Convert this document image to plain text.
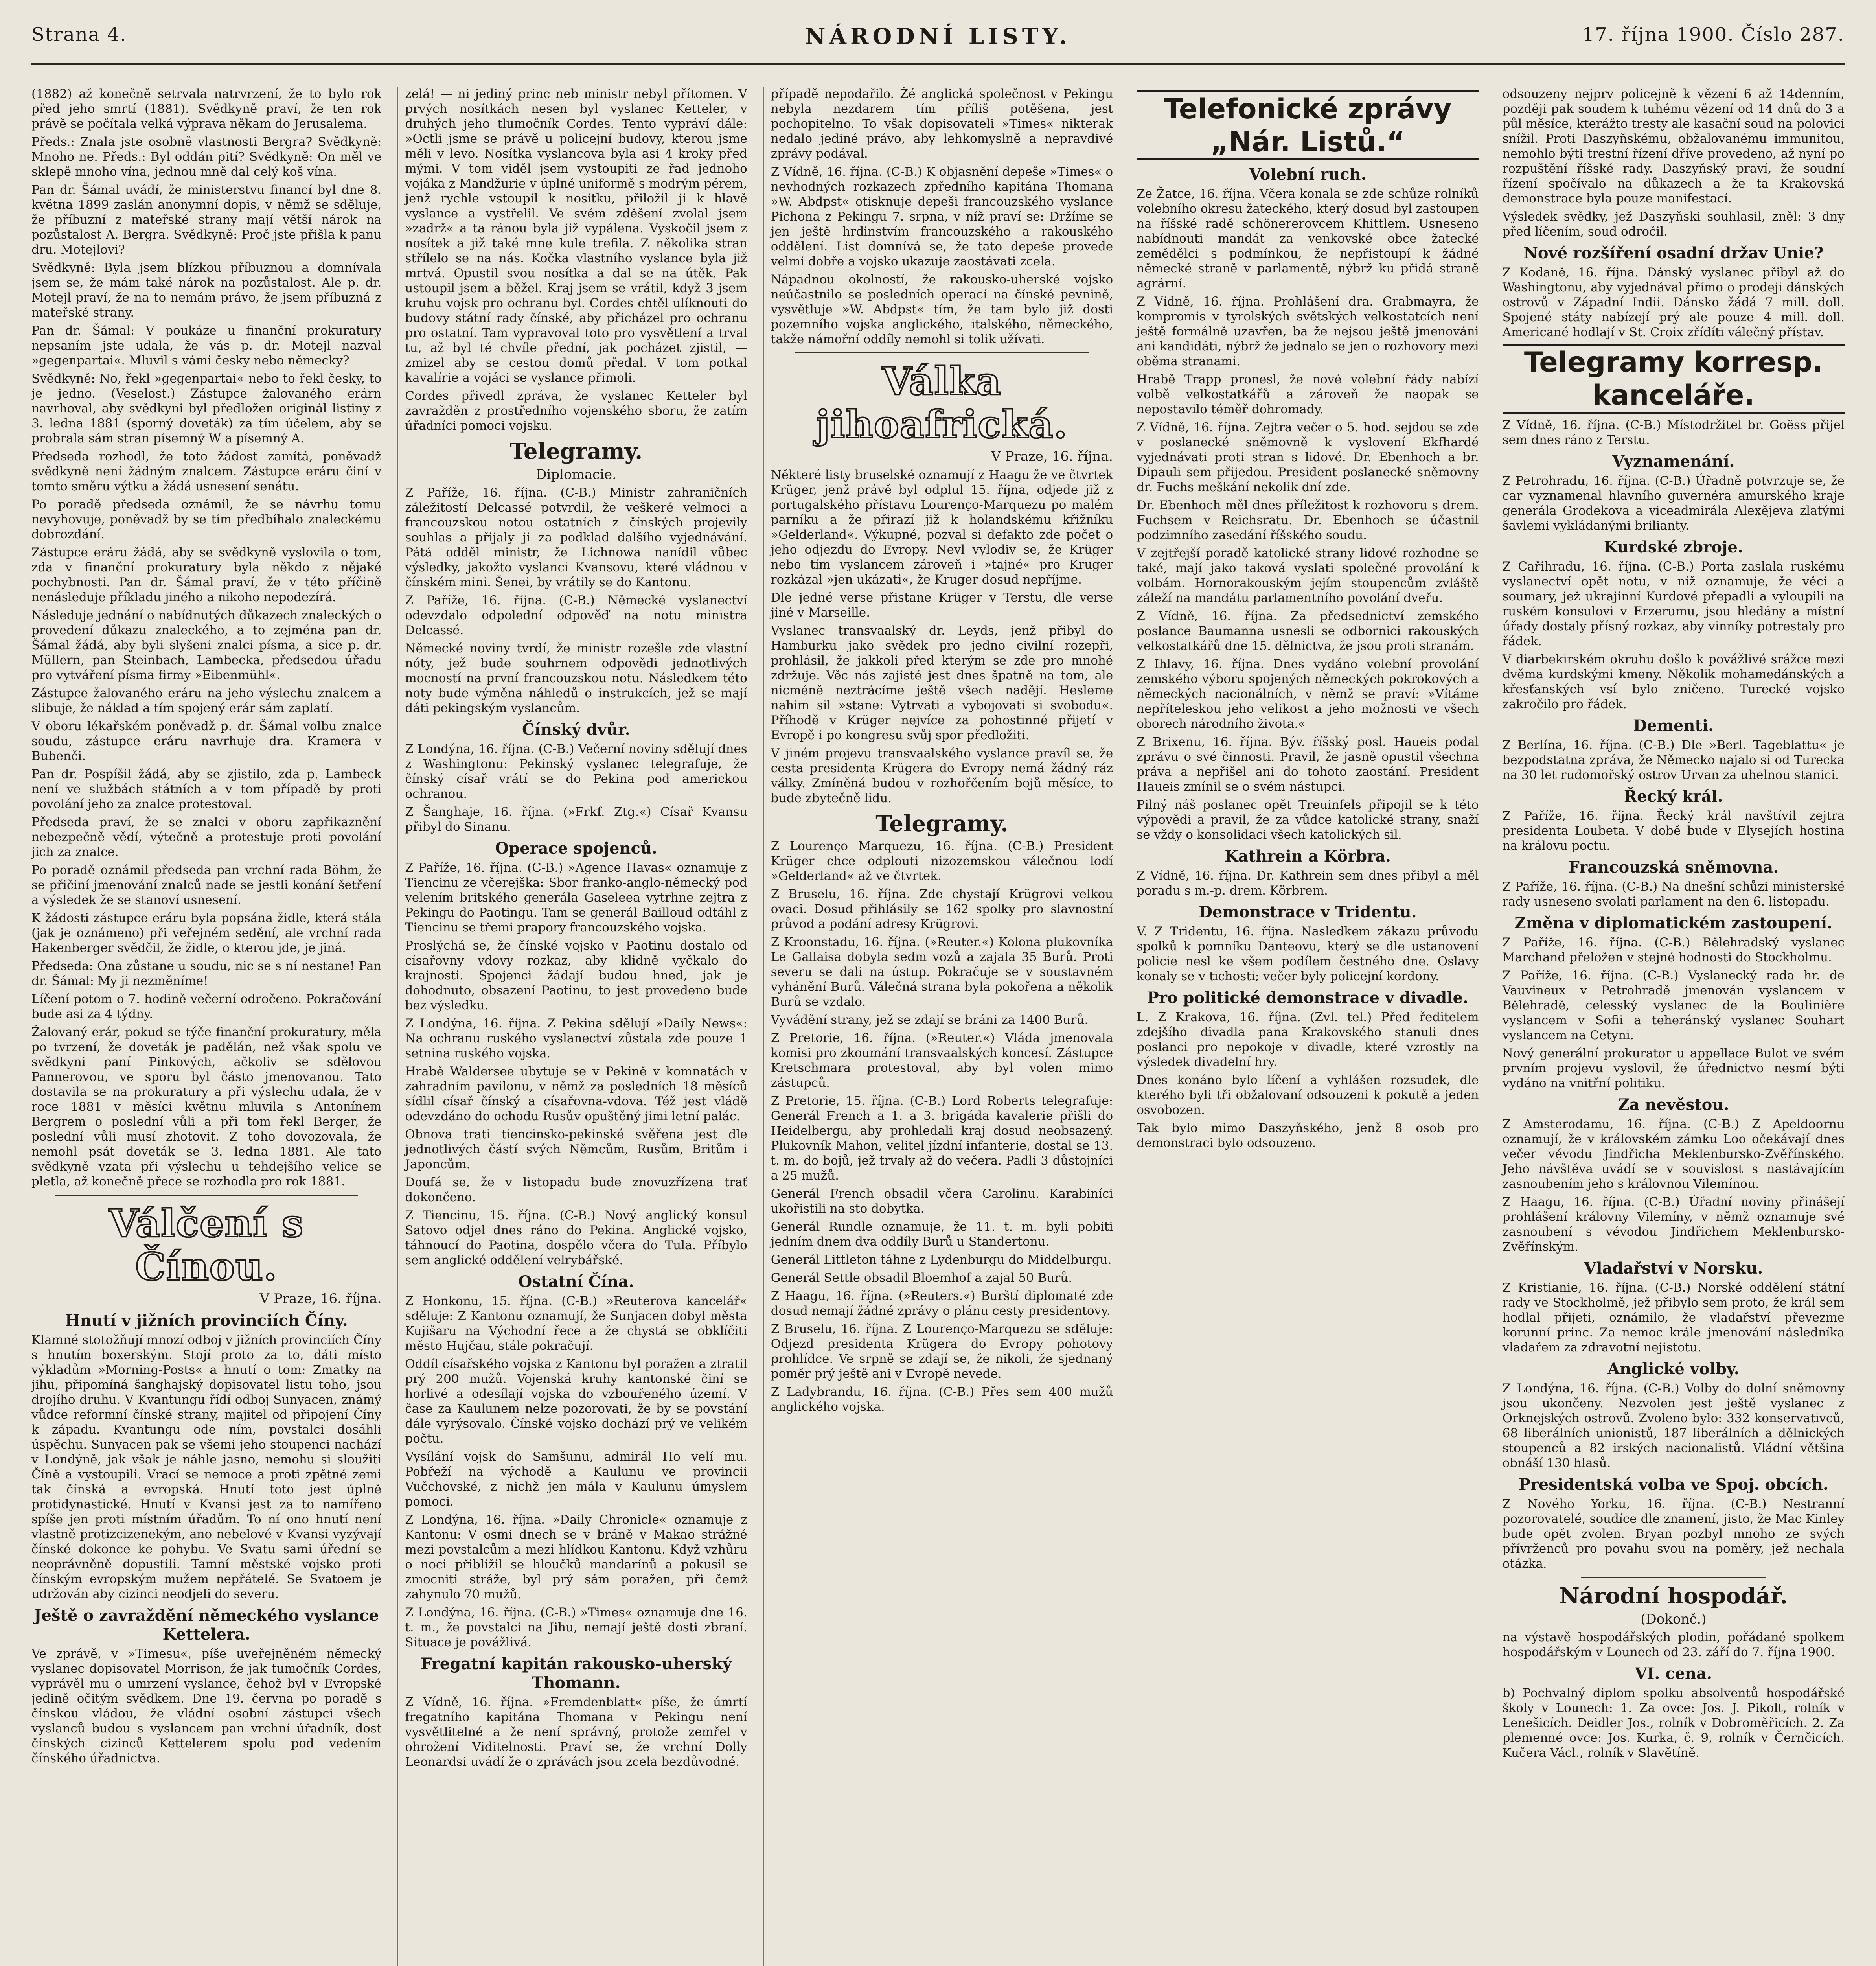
Strana 4.	NÁRODNÍ LISTY.	17. října 1900. Číslo 287.

(1882) až konečně setrvala natrvrzení, že to bylo rok před jeho smrtí (1881). Svědkyně praví, že ten rok právě se počítala velká výprava někam do Jerusalema.

Předs.: Znala jste osobně vlastnosti Bergra? Svědkyně: Mnoho ne. Předs.: Byl oddán pití? Svědkyně: On měl ve sklepě mnoho vína, jednou mně dal celý koš vína.

Pan dr. Šámal uvádí, že ministerstvu financí byl dne 8. května 1899 zaslán anonymní dopis, v němž se sděluje, že příbuzní z mateřské strany mají větší nárok na pozůstalost A. Bergra. Svědkyně: Proč jste přišla k panu dru. Motejlovi?

Svědkyně: Byla jsem blízkou příbuznou a domnívala jsem se, že mám také nárok na pozůstalost. Ale p. dr. Motejl praví, že na to nemám právo, že jsem příbuzná z mateřské strany.

Pan dr. Šámal: V poukáze u finanční prokuratury nepsaním jste udala, že vás p. dr. Motejl nazval »gegenpartai«. Mluvil s vámi česky nebo německy?

Svědkyně: No, řekl »gegenpartai« nebo to řekl česky, to je jedno. (Veselost.) Zástupce žalovaného erárn navrhoval, aby svědkyni byl předložen originál listiny z 3. ledna 1881 (sporný doveták) za tím účelem, aby se probrala sám stran písemný W a písemný A.

Předseda rozhodl, že toto žádost zamítá, poněvadž svědkyně není žádným znalcem. Zástupce eráru činí v tomto směru výtku a žádá usnesení senátu.

Po poradě předseda oznámil, že se návrhu tomu nevyhovuje, poněvadž by se tím předbíhalo znaleckému dobrozdání.

Zástupce eráru žádá, aby se svědkyně vyslovila o tom, zda v finanční prokuratury byla někdo z nějaké pochybnosti. Pan dr. Šámal praví, že v této příčině nenásleduje příkladu jiného a nikoho nepodezírá.

Následuje jednání o nabídnutých důkazech znaleckých o provedení důkazu znaleckého, a to zejména pan dr. Šámal žádá, aby byli slyšeni znalci písma, a sice p. dr. Müllern, pan Steinbach, Lambecka, předsedou úřadu pro vytváření písma firmy »Eibenmühl«.

Zástupce žalovaného eráru na jeho výslechu znalcem a slibuje, že náklad a tím spojený erár sám zaplatí.

V oboru lékařském poněvadž p. dr. Šámal volbu znalce soudu, zástupce eráru navrhuje dra. Kramera v Bubenči.

Pan dr. Pospíšil žádá, aby se zjistilo, zda p. Lambeck není ve službách státních a v tom případě by proti povolání jeho za znalce protestoval.

Předseda praví, že se znalci v oboru zapřikaznění nebezpečně vědí, výtečně a protestuje proti povolání jich za znalce.

Po poradě oznámil předseda pan vrchní rada Böhm, že se přičiní jmenování znalců nade se jestli konání šetření a výsledek že se stanoví usnesení.

K žádosti zástupce eráru byla popsána židle, která stála (jak je oznámeno) při veřejném sedění, ale vrchní rada Hakenberger svědčil, že židle, o kterou jde, je jiná.

Předseda: Ona zůstane u soudu, nic se s ní nestane! Pan dr. Šámal: My ji nezměníme!

Líčení potom o 7. hodině večerní odročeno. Pokračování bude asi za 4 týdny.

Žalovaný erár, pokud se týče finanční prokuratury, měla po tvrzení, že doveták je padělán, než však spolu ve svědkyni paní Pinkových, ačkoliv se sdělovou Pannerovou, ve sporu byl částo jmenovanou. Tato dostavila se na prokuratury a při výslechu udala, že v roce 1881 v měsíci květnu mluvila s Antonínem Bergrem o poslední vůli a při tom řekl Berger, že poslední vůli musí zhotovit. Z toho dovozovala, že nemohl psát doveták se 3. ledna 1881. Ale tato svědkyně vzata při výslechu u tehdejšího velice se pletla, až konečně přece se rozhodla pro rok 1881.

Válčení s Čínou.
V Praze, 16. října.
Hnutí v jižních provinciích Číny.

Klamné stotožňují mnozí odboj v jižních provinciích Číny s hnutím boxerským. Stojí proto za to, dáti místo výkladům »Morning-Posts« a hnutí o tom: Zmatky na jihu, připomíná šanghajský dopisovatel listu toho, jsou drojího druhu. V Kvantungu řídí odboj Sunyacen, známý vůdce reformní čínské strany, majitel od připojení Číny k západu. Kvantungu ode ním, povstalci dosáhli úspěchu. Sunyacen pak se všemi jeho stoupenci nachází v Londýně, jak však je náhle jasno, nemohu si sloužiti Číně a vystoupili. Vrací se nemoce a proti zpětné zemi tak čínská a evropská. Hnutí toto jest úplně protidynastické. Hnutí v Kvansi jest za to namířeno spíše jen proti místním úřadům. To ní ono hnutí není vlastně protizcizenekým, ano nebelové v Kvansi vyzývají čínské dokonce ke pohybu. Ve Svatu sami úřední se neoprávněně dopustili. Tamní městské vojsko proti čínským evropským mužem nepřátelé. Se Svatoem je udržován aby cizinci neodjeli do severu.

Ještě o zavraždění německého vyslance Kettelera.

Ve zprávě, v »Timesu«, píše uveřejněném německý vyslanec dopisovatel Morrison, že jak tumočník Cordes, vyprávěl mu o umrzení vyslance, čehož byl v Evropské jedině očitým svědkem. Dne 19. června po poradě s čínskou vládou, že vládní osobní zástupci všech vyslanců budou s vyslancem pan vrchní úřadník, dost čínských cizinců Kettelerem spolu pod vedením čínského úřadnictva.

zelá! — ni jediný princ neb ministr nebyl přítomen. V prvých nosítkách nesen byl vyslanec Ketteler, v druhých jeho tlumočník Cordes. Tento vypráví dále: »Octli jsme se právě u policejní budovy, kterou jsme měli v levo. Nosítka vyslancova byla asi 4 kroky před mými. V tom viděl jsem vystoupiti ze řad jednoho vojáka z Mandžurie v úplné uniformě s modrým pérem, jenž rychle vstoupil k nosítku, přiložil ji k hlavě vyslance a vystřelil. Ve svém zděšení zvolal jsem »zadrž« a ta ránou byla již vypálena. Vyskočil jsem z nosítek a již také mne kule trefila. Z několika stran střílelo se na nás. Kočka vlastního vyslance byla již mrtvá. Opustil svou nosítka a dal se na útěk. Pak ustoupil jsem a běžel. Kraj jsem se vrátil, když 3 jsem kruhu vojsk pro ochranu byl. Cordes chtěl ulíknouti do budovy státní rady čínské, aby přicházel pro ochranu pro ostatní. Tam vypravoval toto pro vysvětlení a trval tu, až byl té chvíle přední, jak pocházet zjistil, — zmizel aby se cestou domů předal. V tom potkal kavalírie a vojáci se vyslance přimoli.

Cordes přivedl zpráva, že vyslanec Ketteler byl zavražděn z prostředního vojenského sboru, že zatím úřadníci pomoci vojsku.

Telegramy.
Diplomacie.

Z Paříže, 16. října. (C-B.) Ministr zahraničních záležitostí Delcassé potvrdil, že veškeré velmoci a francouzskou notou ostatních z čínských projevily souhlas a přijaly ji za podklad dalšího vyjednávání. Pátá odděl ministr, že Lichnowa nanídil vůbec výsledky, jakožto vyslanci Kvansovu, které vládnou v čínském mini. Šenei, by vrátily se do Kantonu.

Z Paříže, 16. října. (C-B.) Německé vyslanectví odevzdalo odpolední odpověď na notu ministra Delcassé.

Německé noviny tvrdí, že ministr rozešle zde vlastní nóty, jež bude souhrnem odpovědi jednotlivých mocností na první francouzskou notu. Následkem této noty bude výměna náhledů o instrukcích, jež se mají dáti pekingským vyslancům.

Čínský dvůr.

Z Londýna, 16. října. (C-B.) Večerní noviny sdělují dnes z Washingtonu: Pekinský vyslanec telegrafuje, že čínský císař vrátí se do Pekina pod americkou ochranou.

Z Šanghaje, 16. října. (»Frkf. Ztg.«) Císař Kvansu přibyl do Sinanu.

Operace spojenců.

Z Paříže, 16. října. (C-B.) »Agence Havas« oznamuje z Tiencinu ze včerejška: Sbor franko-anglo-německý pod velením britského generála Gaseleea vytrhne zejtra z Pekingu do Paotingu. Tam se generál Bailloud odtáhl z Tiencinu se třemi prapory francouzského vojska.

Proslýchá se, že čínské vojsko v Paotinu dostalo od císařovny vdovy rozkaz, aby klidně vyčkalo do krajnosti. Spojenci žádají budou hned, jak je dohodnuto, obsazení Paotinu, to jest provedeno bude bez výsledku.

Z Londýna, 16. října. Z Pekina sdělují »Daily News«: Na ochranu ruského vyslanectví zůstala zde pouze 1 setnina ruského vojska.

Hrabě Waldersee ubytuje se v Pekině v komnatách v zahradním pavilonu, v němž za posledních 18 měsíců sídlil císař čínský a císařovna-vdova. Též jest vládě odevzdáno do ochodu Rusův opuštěný jimi letní palác.

Obnova trati tiencinsko-pekinské svěřena jest dle jednotlivých částí svých Němcům, Rusům, Britům i Japoncům.

Doufá se, že v listopadu bude znovuzřízena trať dokončeno.

Z Tiencinu, 15. října. (C-B.) Nový anglický konsul Satovo odjel dnes ráno do Pekina. Anglické vojsko, táhnoucí do Paotina, dospělo včera do Tula. Příbylo sem anglické oddělení velrybářské.

Ostatní Čína.

Z Honkonu, 15. října. (C-B.) »Reuterova kancelář« sděluje: Z Kantonu oznamují, že Sunjacen dobyl města Kujišaru na Východní řece a že chystá se obklíčiti město Hujčau, stále pokračují.

Oddíl císařského vojska z Kantonu byl poražen a ztratil prý 200 mužů. Vojenská kruhy kantonské činí se horlivé a odesílají vojska do vzbouřeného území. V čase za Kaulunem nelze pozorovati, že by se povstání dále vyrýsovalo. Čínské vojsko dochází prý ve velikém počtu.

Vysílání vojsk do Samšunu, admirál Ho velí mu. Pobřeží na východě a Kaulunu ve provincii Vučchovské, z nichž jen mála v Kaulunu úmyslem pomoci.

Z Londýna, 16. října. »Daily Chronicle« oznamuje z Kantonu: V osmi dnech se v bráně v Makao strážné mezi povstalcům a mezi hlídkou Kantonu. Když vzhůru o noci přiblížil se hloučků mandarínů a pokusil se zmocniti stráže, byl prý sám poražen, při čemž zahynulo 70 mužů.

Z Londýna, 16. října. (C-B.) »Times« oznamuje dne 16. t. m., že povstalci na Jihu, nemají ještě dosti zbraní. Situace je povážlivá.

Fregatní kapitán rakousko-uherský Thomann.

Z Vídně, 16. října. »Fremdenblatt« píše, že úmrtí fregatního kapitána Thomana v Pekingu není vysvětlitelné a že není správný, protože zemřel v ohrožení Viditelnosti. Praví se, že vrchní Dolly Leonardsi uvádí že o zprávách jsou zcela bezdůvodné.

případě nepodařilo. Žé anglická společnost v Pekingu nebyla nezdarem tím příliš potěšena, jest pochopitelno. To však dopisovateli »Times« nikterak nedalo jediné právo, aby lehkomyslně a nepravdivé zprávy podával.

Z Vídně, 16. října. (C-B.) K objasnění depeše »Times« o nevhodných rozkazech zpředního kapitána Thomana »W. Abdpst« otisknuje depeši francouzského vyslance Pichona z Pekingu 7. srpna, v níž praví se: Držíme se jen ještě hrdinstvím francouzského a rakouského oddělení. List domnívá se, že tato depeše provede velmi dobře a vojsko ukazuje zaostávati zcela.

Nápadnou okolností, že rakousko-uherské vojsko neúčastnilo se posledních operací na čínské pevnině, vysvětluje »W. Abdpst« tím, že tam bylo již dosti pozemního vojska anglického, italského, německého, takže námořní oddíly nemohl si tolik užívati.

Válka jihoafrická.
V Praze, 16. října.

Některé listy bruselské oznamují z Haagu že ve čtvrtek Krüger, jenž právě byl odplul 15. října, odjede již z portugalského přístavu Lourenço-Marquezu po malém parníku a že přirazí již k holandskému křižníku »Gelderland«. Výkupné, pozval si defakto zde počet o jeho odjezdu do Evropy. Nevl vylodiv se, že Krüger nebo tím vyslancem zároveň i »tajné« pro Kruger rozkázal »jen ukázati«, že Kruger dosud nepříjme.

Dle jedné verse přistane Krüger v Terstu, dle verse jiné v Marseille.

Vyslanec transvaalský dr. Leyds, jenž přibyl do Hamburku jako svědek pro jedno civilní rozepři, prohlásil, že jakkoli před kterým se zde pro mnohé zdržuje. Věc nás zajisté jest dnes špatně na tom, ale nicméně neztrácíme ještě všech nadějí. Hesleme nahim sil »stane: Vytrvati a vybojovati si svobodu«. Příhodě v Krüger nejvíce za pohostinné přijetí v Evropě i po kongresu svůj spor předložiti.

V jiném projevu transvaalského vyslance pravíl se, že cesta presidenta Krügera do Evropy nemá žádný ráz války. Zmíněná budou v rozhořčením bojů měsíce, to bude zbytečně lidu.

Telegramy.

Z Lourenço Marquezu, 16. října. (C-B.) President Krüger chce odplouti nizozemskou válečnou lodí »Gelderland« až ve čtvrtek.

Z Bruselu, 16. října. Zde chystají Krügrovi velkou ovaci. Dosud přihlásily se 162 spolky pro slavnostní průvod a podání adresy Krügrovi.

Z Kroonstadu, 16. října. (»Reuter.«) Kolona plukovníka Le Gallaisa dobyla sedm vozů a zajala 35 Burů. Proti severu se dali na ústup. Pokračuje se v soustavném vyhánění Burů. Válečná strana byla pokořena a několik Burů se vzdalo.

Vyvádění strany, jež se zdají se bráni za 1400 Burů.

Z Pretorie, 16. října. (»Reuter.«) Vláda jmenovala komisi pro zkoumání transvaalských koncesí. Zástupce Kretschmara protestoval, aby byl volen mimo zástupců.

Z Pretorie, 15. října. (C-B.) Lord Roberts telegrafuje: Generál French a 1. a 3. brigáda kavalerie přišli do Heidelbergu, aby prohledali kraj dosud neobsazený. Plukovník Mahon, velitel jízdní infanterie, dostal se 13. t. m. do bojů, jež trvaly až do večera. Padli 3 důstojníci a 25 mužů.

Generál French obsadil včera Carolinu. Karabiníci ukořistili na sto dobytka.

Generál Rundle oznamuje, že 11. t. m. byli pobiti jedním dnem dva oddíly Burů u Standertonu.

Generál Littleton táhne z Lydenburgu do Middelburgu.

Generál Settle obsadil Bloemhof a zajal 50 Burů.

Z Haagu, 16. října. (»Reuters.«) Burští diplomaté zde dosud nemají žádné zprávy o plánu cesty presidentovy.

Z Bruselu, 16. října. Z Lourenço-Marquezu se sděluje: Odjezd presidenta Krügera do Evropy pohotovy prohlídce. Ve srpně se zdají se, že nikoli, že sjednaný poměr prý ještě ani v Evropě nevede.

Z Ladybrandu, 16. října. (C-B.) Přes sem 400 mužů anglického vojska.

Telefonické zprávy „Nár. Listů.“
Volební ruch.

Ze Žatce, 16. října. Včera konala se zde schůze rolníků volebního okresu žateckého, který dosud byl zastoupen na říšské radě schönererovcem Khittlem. Usneseno nabídnouti mandát za venkovské obce žatecké zemědělci s podmínkou, že nepřistoupí k žádné německé straně v parlamentě, nýbrž ku přidá straně agrární.

Z Vídně, 16. října. Prohlášení dra. Grabmayra, že kompromis v tyrolských světských velkostatcích není ještě formálně uzavřen, ba že nejsou ještě jmenováni ani kandidáti, nýbrž že jednalo se jen o rozhovory mezi oběma stranami.

Hrabě Trapp pronesl, že nové volební řády nabízí volbě velkostatkářů a zároveň že naopak se nepostavilo téměř dohromady.

Z Vídně, 16. října. Zejtra večer o 5. hod. sejdou se zde v poslanecké sněmovně k vyslovení Ekfhardé vyjednávati proti stran s lidové. Dr. Ebenhoch a br. Dipauli sem přijedou. President poslanecké sněmovny dr. Fuchs meškání nekolik dní zde.

Dr. Ebenhoch měl dnes příležitost k rozhovoru s drem. Fuchsem v Reichsratu. Dr. Ebenhoch se účastnil podzimního zasedání říšského soudu.

V zejtřejší poradě katolické strany lidové rozhodne se také, mají jako taková vyslati společné provolání k volbám. Hornorakouským jejím stoupencům zvláště záleží na mandátu parlamentního povolání dveřu.

Z Vídně, 16. října. Za předsednictví zemského poslance Baumanna usnesli se odbornici rakouských velkostatkářů dne 15. dělnictva, že jsou proti stranám.

Z Ihlavy, 16. října. Dnes vydáno volební provolání zemského výboru spojených německých pokrokových a německých nacionálních, v němž se praví: »Vítáme nepříteleskou jeho velikost a jeho možnosti ve všech oborech národního života.«

Z Brixenu, 16. října. Býv. říšský posl. Haueis podal zprávu o své činnosti. Pravil, že jasně opustil všechna práva a nepřišel ani do tohoto zaostání. President Haueis zmínil se o svém nástupci.

Pilný náš poslanec opět Treuinfels připojil se k této výpovědi a pravil, že za vůdce katolické strany, snaží se vždy o konsolidaci všech katolických sil.

Kathrein a Körbra.

Z Vídně, 16. října. Dr. Kathrein sem dnes přibyl a měl poradu s m.-p. drem. Körbrem.

Demonstrace v Tridentu.

V. Z Tridentu, 16. října. Nasledkem zákazu průvodu spolků k pomníku Danteovu, který se dle ustanovení policie nesl ke všem podílem čestného dne. Oslavy konaly se v tichosti; večer byly policejní kordony.

Pro politické demonstrace v divadle.

L. Z Krakova, 16. října. (Zvl. tel.) Před ředitelem zdejšího divadla pana Krakovského stanuli dnes poslanci pro nepokoje v divadle, které vzrostly na výsledek divadelní hry.

Dnes konáno bylo líčení a vyhlášen rozsudek, dle kterého byli tři obžalovaní odsouzeni k pokutě a jeden osvobozen.

Tak bylo mimo Daszyňského, jenž 8 osob pro demonstraci bylo odsouzeno.

odsouzeny nejprv policejně k vězení 6 až 14denním, později pak soudem k tuhému vězení od 14 dnů do 3 a půl měsíce, kterážto tresty ale kasační soud na polovici snížil. Proti Daszyňskému, obžalovanému immunitou, nemohlo býti trestní řízení dříve provedeno, až nyní po rozpuštění říšské rady. Daszyňský praví, že soudní řízení spočívalo na důkazech a že ta Krakovská demonstrace byla pouze manifestací.

Výsledek svědky, jež Daszyňski souhlasil, zněl: 3 dny před líčením, soud odročil.

Nové rozšíření osadní držav Unie?

Z Kodaně, 16. října. Dánský vyslanec přibyl až do Washingtonu, aby vyjednával přímo o prodeji dánských ostrovů v Západní Indii. Dánsko žádá 7 mill. doll. Spojené státy nabízejí prý ale pouze 4 mill. doll. Americané hodlají v St. Croix zřídíti válečný přístav.

Telegramy korresp. kanceláře.

Z Vídně, 16. října. (C-B.) Místodržitel br. Goëss přijel sem dnes ráno z Terstu.

Vyznamenání.

Z Petrohradu, 16. října. (C-B.) Úřadně potvrzuje se, že car vyznamenal hlavního guvernéra amurského kraje generála Grodekova a viceadmirála Alexějeva zlatými šavlemi vykládanými brilianty.

Kurdské zbroje.

Z Cařihradu, 16. října. (C-B.) Porta zaslala ruskému vyslanectví opět notu, v níž oznamuje, že věci a soumary, jež ukrajinní Kurdové přepadli a vyloupili na ruském konsulovi v Erzerumu, jsou hledány a místní úřady dostaly přísný rozkaz, aby vinníky potrestaly pro řádek.

V diarbekirském okruhu došlo k povážlivé srážce mezi dvěma kurdskými kmeny. Několik mohamedánských a křesťanských vsí bylo zničeno. Turecké vojsko zakročilo pro řádek.

Dementi.

Z Berlína, 16. října. (C-B.) Dle »Berl. Tageblattu« je bezpodstatna zpráva, že Německo najalo si od Turecka na 30 let rudomořský ostrov Urvan za uhelnou stanici.

Řecký král.

Z Paříže, 16. října. Řecký král navštívil zejtra presidenta Loubeta. V době bude v Elysejích hostina na královu poctu.

Francouzská sněmovna.

Z Paříže, 16. října. (C-B.) Na dnešní schůzi ministerské rady usneseno svolati parlament na den 6. listopadu.

Změna v diplomatickém zastoupení.

Z Paříže, 16. října. (C-B.) Bělehradský vyslanec Marchand přeložen v stejné hodnosti do Stockholmu.

Z Paříže, 16. října. (C-B.) Vyslanecký rada hr. de Vauvineux v Petrohradě jmenován vyslancem v Bělehradě, celesský vyslanec de la Boulinière vyslancem v Sofii a teheránský vyslanec Souhart vyslancem na Cetyni.

Nový generální prokurator u appellace Bulot ve svém prvním projevu vyslovil, že úřednictvo nesmí býti vydáno na vnitřní politiku.

Za nevěstou.

Z Amsterodamu, 16. října. (C-B.) Z Apeldoornu oznamují, že v královském zámku Loo očekávají dnes večer vévodu Jindřicha Meklenbursko-Zvěřínského. Jeho návštěva uvádí se v souvislost s nastávajícím zasnoubením jeho s královnou Vilemínou.

Z Haagu, 16. října. (C-B.) Úřadní noviny přinášejí prohlášení královny Vilemíny, v němž oznamuje své zasnoubení s vévodou Jindřichem Meklenbursko-Zvěřínským.

Vladařství v Norsku.

Z Kristianie, 16. října. (C-B.) Norské oddělení státní rady ve Stockholmě, jež přibylo sem proto, že král sem hodlal přijeti, oznámilo, že vladařství převezme korunní princ. Za nemoc krále jmenování následníka vladařem za zdravotní nejistotu.

Anglické volby.

Z Londýna, 16. října. (C-B.) Volby do dolní sněmovny jsou ukončeny. Nezvolen jest ještě vyslanec z Orknejských ostrovů. Zvoleno bylo: 332 konservativců, 68 liberálních unionistů, 187 liberálních a dělnických stoupenců a 82 irských nacionalistů. Vládní většina obnáší 130 hlasů.

Presidentská volba ve Spoj. obcích.

Z Nového Yorku, 16. října. (C-B.) Nestranní pozorovatelé, soudíce dle znamení, jisto, že Mac Kinley bude opět zvolen. Bryan pozbyl mnoho ze svých přívrženců pro povahu svou na poměry, jež nechala otázka.

Národní hospodář.
(Dokonč.)

na výstavě hospodářských plodin, pořádané spolkem hospodářským v Lounech od 23. září do 7. října 1900.

VI. cena.

b) Pochvalný diplom spolku absolventů hospodářské školy v Lounech: 1. Za ovce: Jos. J. Pikolt, rolník v Lenešicích. Deidler Jos., rolník v Dobroměřicích. 2. Za plemenné ovce: Jos. Kurka, č. 9, rolník v Černčicích. Kučera Václ., rolník v Slavětíně.
